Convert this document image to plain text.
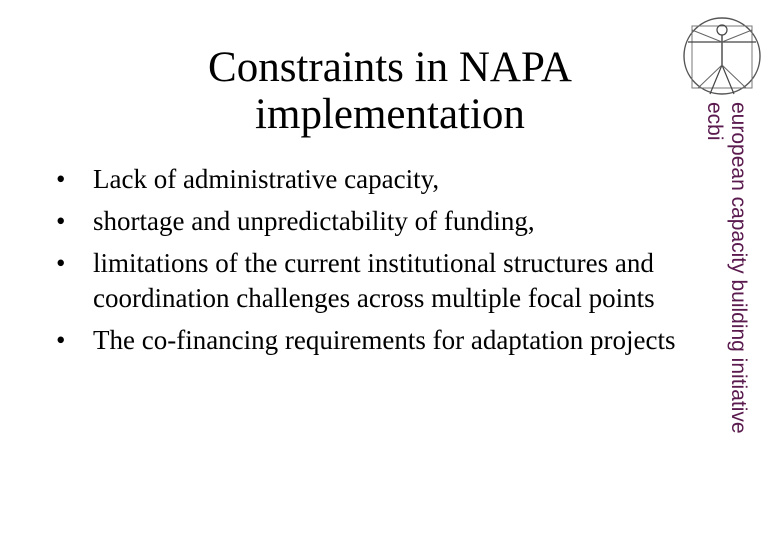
Constraints in NAPA
implementation
•	Lack of administrative capacity,
•	shortage and unpredictability of funding,
•	limitations of the current institutional structures and coordination challenges across multiple focal points
•	The co-financing requirements for adaptation projects	european capacity building initiative
ecbi
